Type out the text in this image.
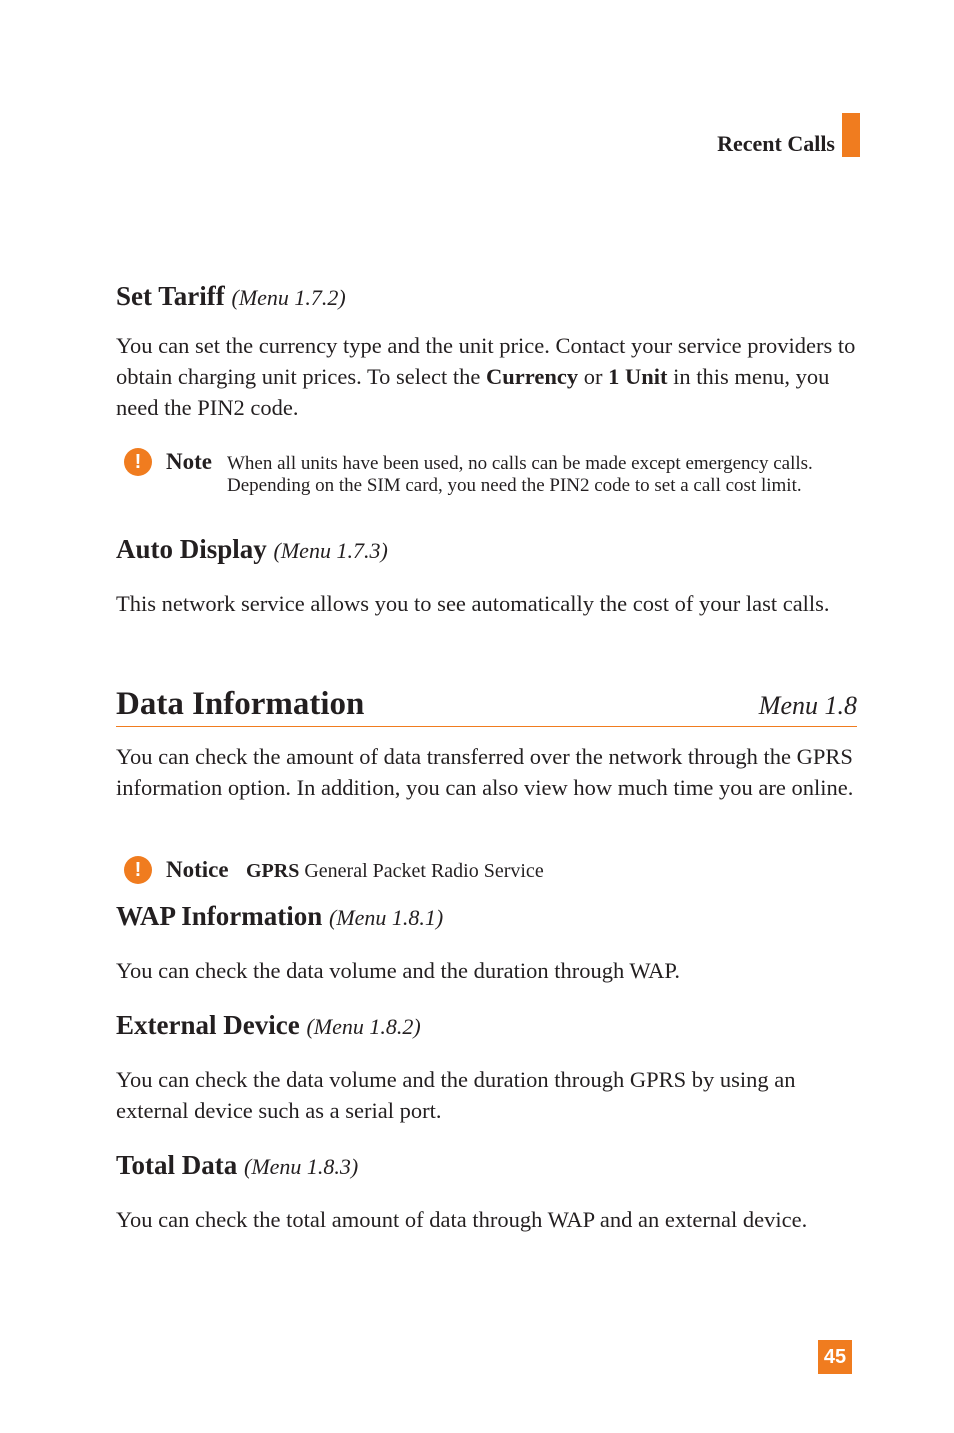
Recent Calls
Set Tariff (Menu 1.7.2)
You can set the currency type and the unit price. Contact your service providers to obtain charging unit prices. To select the Currency or 1 Unit in this menu, you need the PIN2 code.
!	Note When all units have been used, no calls can be made except emergency calls. Depending on the SIM card, you need the PIN2 code to set a call cost limit.
Auto Display (Menu 1.7.3)
This network service allows you to see automatically the cost of your last calls.
Data Information	Menu 1.8
You can check the amount of data transferred over the network through the GPRS information option. In addition, you can also view how much time you are online.
!	Notice GPRS General Packet Radio Service
WAP Information (Menu 1.8.1)
You can check the data volume and the duration through WAP.
External Device (Menu 1.8.2)
You can check the data volume and the duration through GPRS by using an external device such as a serial port.
Total Data (Menu 1.8.3)
You can check the total amount of data through WAP and an external device.
45
